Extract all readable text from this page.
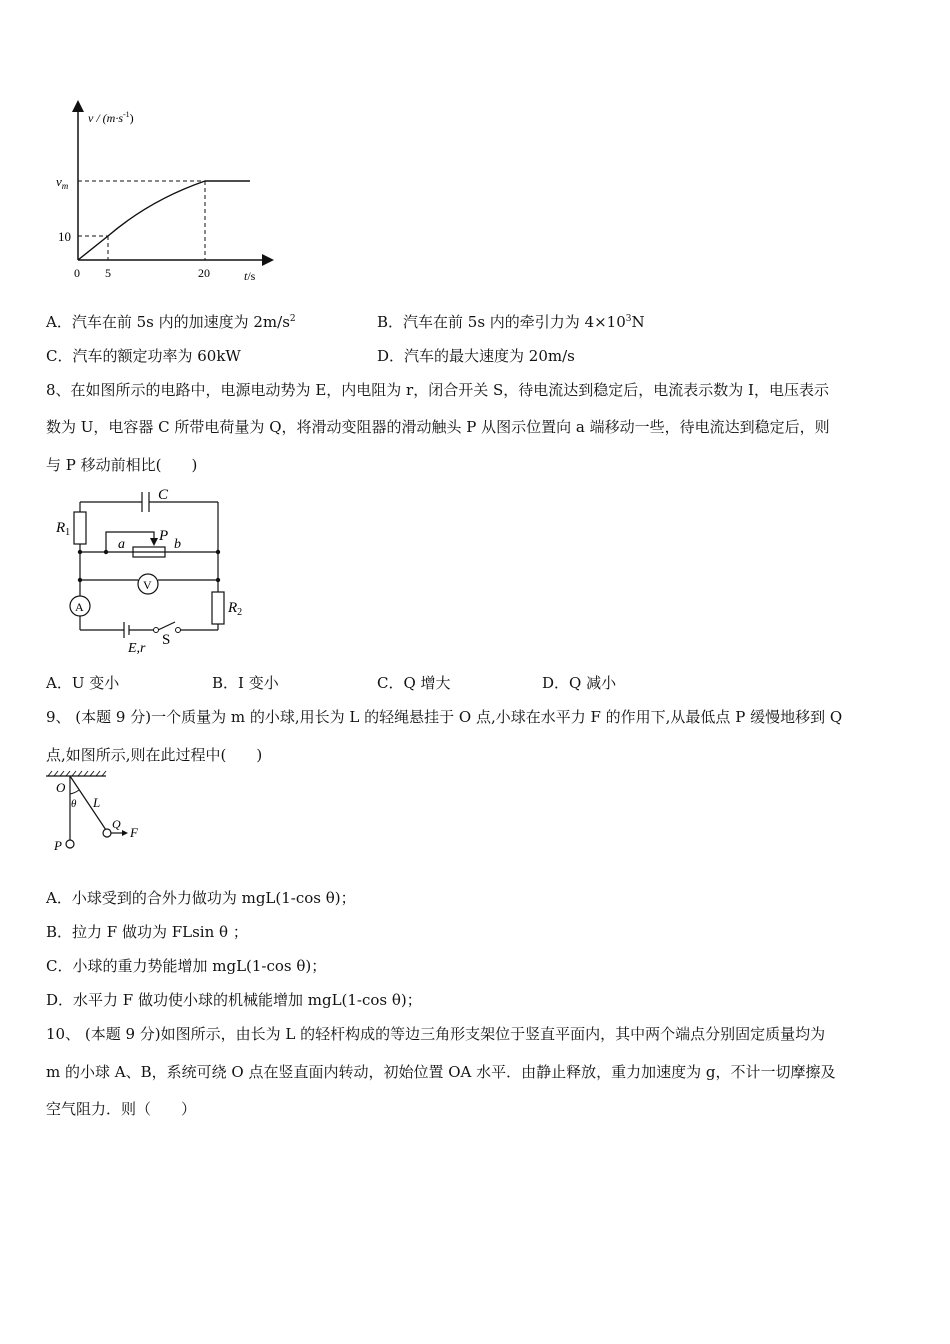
$v / (m\cdot s^{-1})$
$v_m$
10
0 5	20	t/s
A．汽车在前 5s 内的加速度为 $2m/s^2$	B．汽车在前 5s 内的牵引力为 $4\times 10^3N$
C．汽车的额定功率为 60kW	D．汽车的最大速度为 20m/s
8、在如图所示的电路中，电源电动势为 E，内电阻为 r，闭合开关 S，待电流达到稳定后，电流表示数为 I，电压表示
数为 U，电容器 C 所带电荷量为 Q，将滑动变阻器的滑动触头 P 从图示位置向 a 端移动一些，待电流达到稳定后，则
与 P 移动前相比(　　)
C
$R_1$
a
P
b
V
A	$R_2$
E,r
S
A．U 变小	B．I 变小	C．Q 增大	D．Q 减小
9、 (本题 9 分)一个质量为 m 的小球,用长为 L 的轻绳悬挂于 O 点,小球在水平力 F 的作用下,从最低点 P 缓慢地移到 Q
点,如图所示,则在此过程中(　　)
O
θ L
Q
F
P
A．小球受到的合外力做功为 mgL(1-cos θ)；
B．拉力 F 做功为 FLsin θ ；
C．小球的重力势能增加 mgL(1-cos θ)；
D．水平力 F 做功使小球的机械能增加 mgL(1-cos θ)；
10、 (本题 9 分)如图所示，由长为 L 的轻杆构成的等边三角形支架位于竖直平面内，其中两个端点分别固定质量均为
m 的小球 A、B，系统可绕 O 点在竖直面内转动，初始位置 OA 水平．由静止释放，重力加速度为 g，不计一切摩擦及
空气阻力．则（　　）
